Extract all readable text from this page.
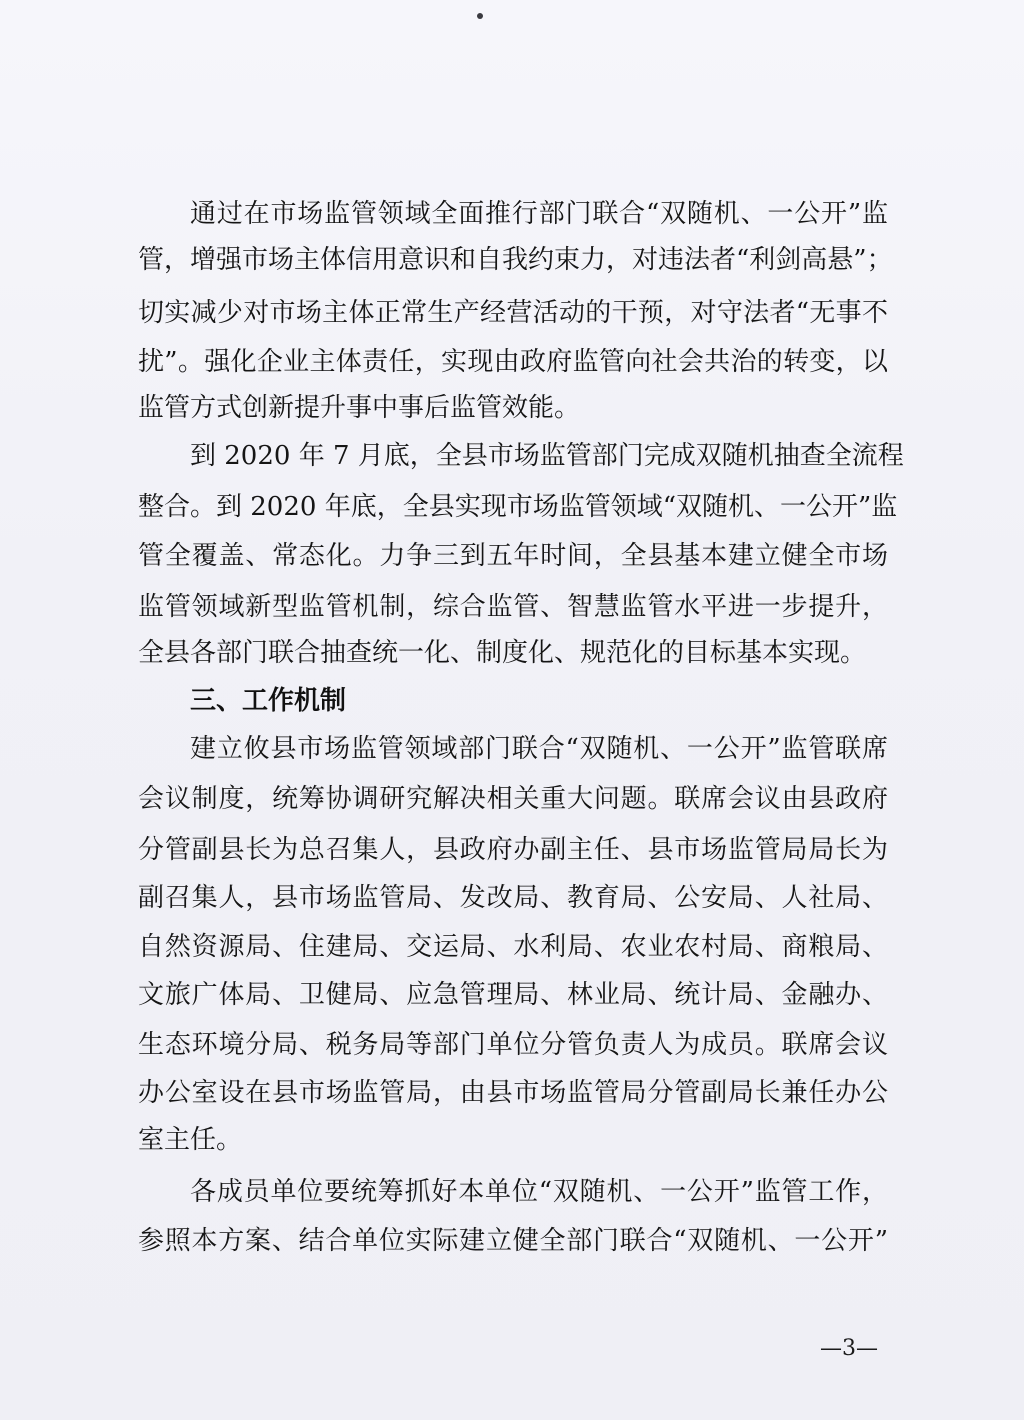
通过在市场监管领域全面推行部门联合“双随机、一公开”监

管，增强市场主体信用意识和自我约束力，对违法者“利剑高悬”；

切实减少对市场主体正常生产经营活动的干预，对守法者“无事不

扰”。强化企业主体责任，实现由政府监管向社会共治的转变，以

监管方式创新提升事中事后监管效能。

到 2020 年 7 月底，全县市场监管部门完成双随机抽查全流程

整合。到 2020 年底，全县实现市场监管领域“双随机、一公开”监

管全覆盖、常态化。力争三到五年时间，全县基本建立健全市场

监管领域新型监管机制，综合监管、智慧监管水平进一步提升，

全县各部门联合抽查统一化、制度化、规范化的目标基本实现。

三、工作机制

建立攸县市场监管领域部门联合“双随机、一公开”监管联席

会议制度，统筹协调研究解决相关重大问题。联席会议由县政府

分管副县长为总召集人，县政府办副主任、县市场监管局局长为

副召集人，县市场监管局、发改局、教育局、公安局、人社局、

自然资源局、住建局、交运局、水利局、农业农村局、商粮局、

文旅广体局、卫健局、应急管理局、林业局、统计局、金融办、

生态环境分局、税务局等部门单位分管负责人为成员。联席会议

办公室设在县市场监管局，由县市场监管局分管副局长兼任办公

室主任。

各成员单位要统筹抓好本单位“双随机、一公开”监管工作，

参照本方案、结合单位实际建立健全部门联合“双随机、一公开”

—3—
